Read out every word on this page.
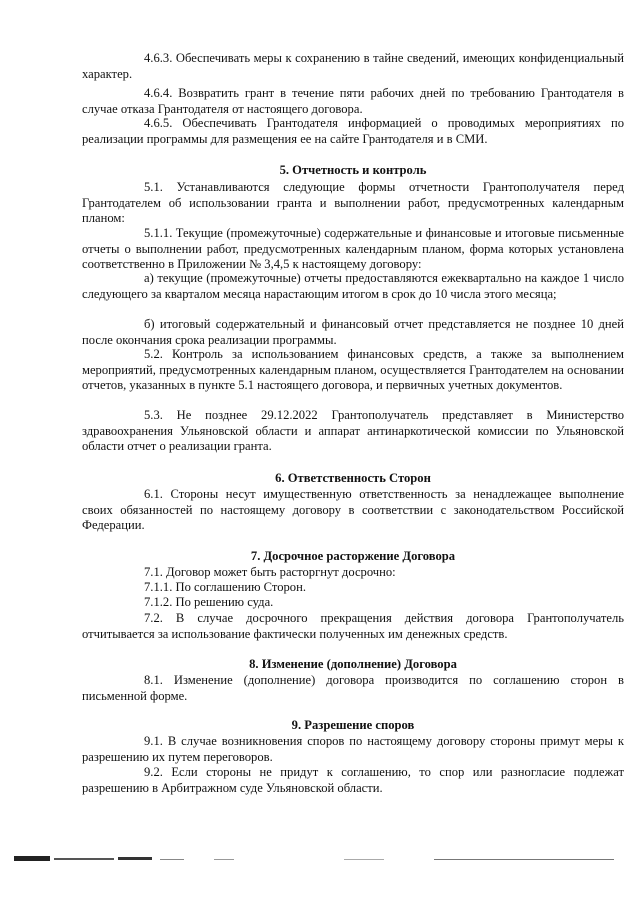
4.6.3. Обеспечивать меры к сохранению в тайне сведений, имеющих конфиденциальный характер.

4.6.4. Возвратить грант в течение пяти рабочих дней по требованию Грантодателя в случае отказа Грантодателя от настоящего договора.

4.6.5. Обеспечивать Грантодателя информацией о проводимых мероприятиях по реализации программы для размещения ее на сайте Грантодателя и в СМИ.

5. Отчетность и контроль

5.1. Устанавливаются следующие формы отчетности Грантополучателя перед Грантодателем об использовании гранта и выполнении работ, предусмотренных календарным планом:

5.1.1. Текущие (промежуточные) содержательные и финансовые и итоговые письменные отчеты о выполнении работ, предусмотренных календарным планом, форма которых установлена соответственно в Приложении № 3,4,5 к настоящему договору:

а) текущие (промежуточные) отчеты предоставляются ежеквартально на каждое 1 число следующего за кварталом месяца нарастающим итогом в срок до 10 числа этого месяца;

б) итоговый содержательный и финансовый отчет представляется не позднее 10 дней после окончания срока реализации программы.

5.2. Контроль за использованием финансовых средств, а также за выполнением мероприятий, предусмотренных календарным планом, осуществляется Грантодателем на основании отчетов, указанных в пункте 5.1 настоящего договора, и первичных учетных документов.

5.3. Не позднее 29.12.2022 Грантополучатель представляет в Министерство здравоохранения Ульяновской области и аппарат антинаркотической комиссии по Ульяновской области отчет о реализации гранта.

6. Ответственность Сторон

6.1. Стороны несут имущественную ответственность за ненадлежащее выполнение своих обязанностей по настоящему договору в соответствии с законодательством Российской Федерации.

7. Досрочное расторжение Договора

7.1. Договор может быть расторгнут досрочно:

7.1.1. По соглашению Сторон.

7.1.2. По решению суда.

7.2. В случае досрочного прекращения действия договора Грантополучатель отчитывается за использование фактически полученных им денежных средств.

8. Изменение (дополнение) Договора

8.1. Изменение (дополнение) договора производится по соглашению сторон в письменной форме.

9. Разрешение споров

9.1. В случае возникновения споров по настоящему договору стороны примут меры к разрешению их путем переговоров.

9.2. Если стороны не придут к соглашению, то спор или разногласие подлежат разрешению в Арбитражном суде Ульяновской области.
